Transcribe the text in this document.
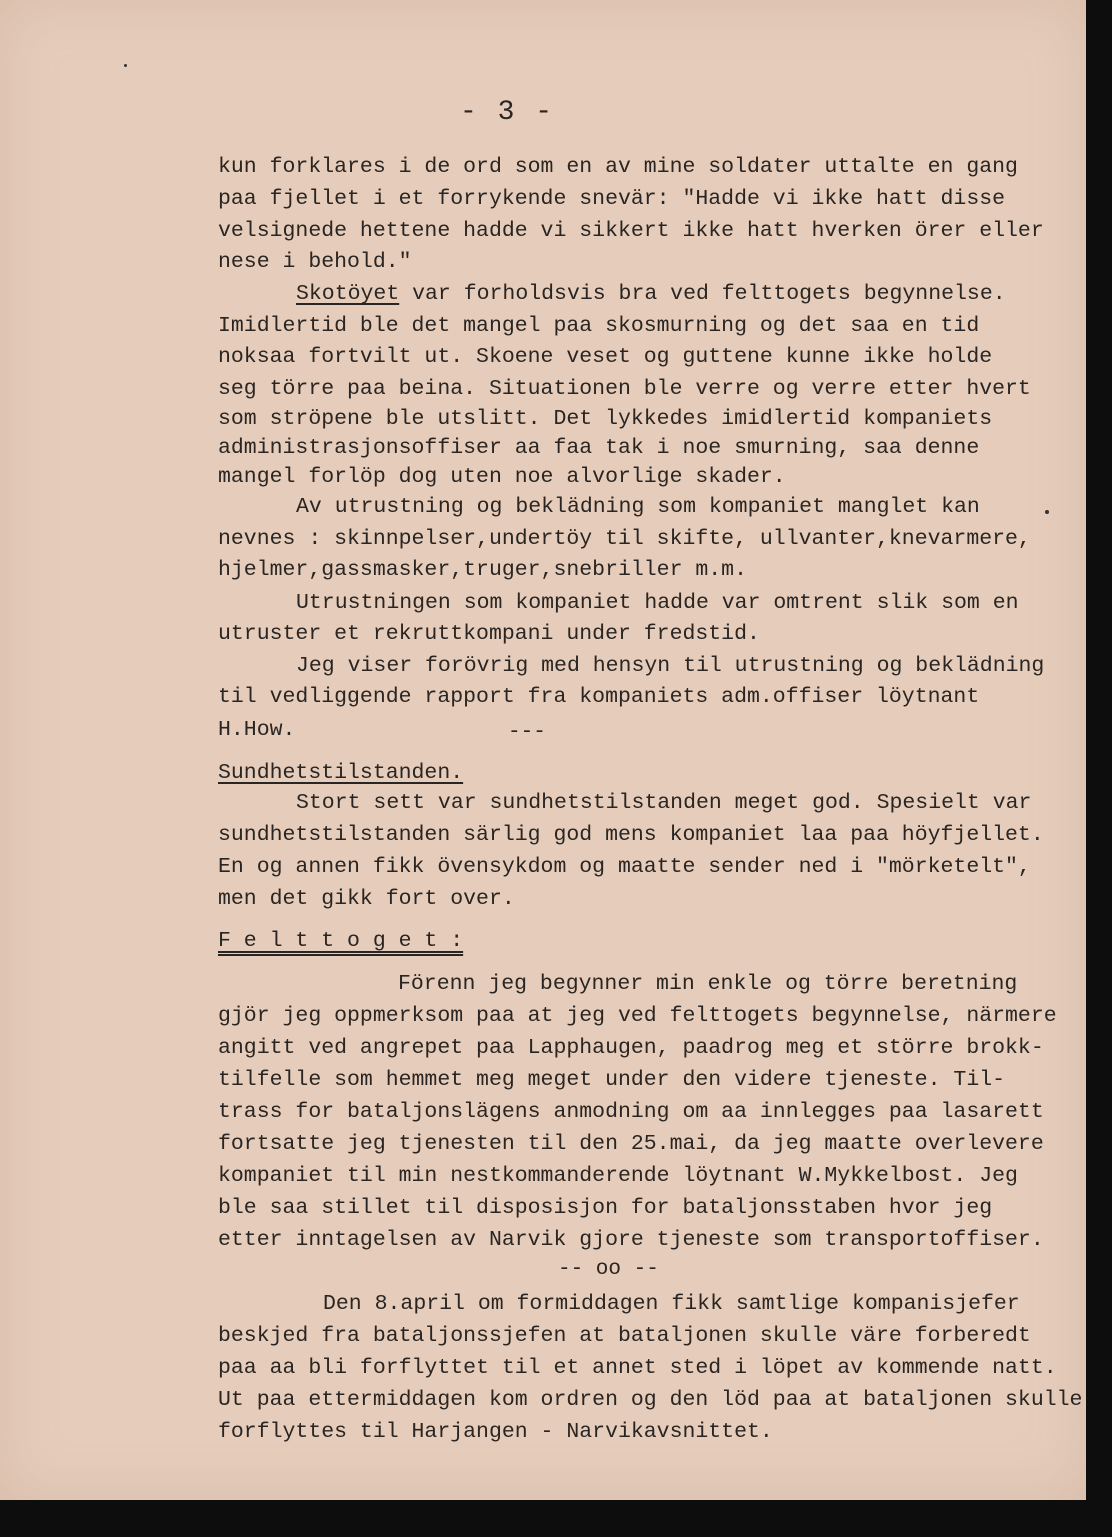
- 3 -
kun forklares i de ord som en av mine soldater uttalte en gang
paa fjellet i et forrykende snevär: "Hadde vi ikke hatt disse
velsignede hettene hadde vi sikkert ikke hatt hverken örer eller
nese i behold."
Skotöyet var forholdsvis bra ved felttogets begynnelse.
Imidlertid ble det mangel paa skosmurning og det saa en tid
noksaa fortvilt ut. Skoene veset og guttene kunne ikke holde
seg törre paa beina. Situationen ble verre og verre etter hvert
som ströpene ble utslitt. Det lykkedes imidlertid kompaniets
administrasjonsoffiser aa faa tak i noe smurning, saa denne
mangel forlöp dog uten noe alvorlige skader.
Av utrustning og beklädning som kompaniet manglet kan
nevnes : skinnpelser,undertöy til skifte, ullvanter,knevarmere,
hjelmer,gassmasker,truger,snebriller m.m.
Utrustningen som kompaniet hadde var omtrent slik som en
utruster et rekruttkompani under fredstid.
Jeg viser forövrig med hensyn til utrustning og beklädning
til vedliggende rapport fra kompaniets adm.offiser löytnant
H.How.	---
Sundhetstilstanden.
Stort sett var sundhetstilstanden meget god. Spesielt var
sundhetstilstanden särlig god mens kompaniet laa paa höyfjellet.
En og annen fikk övensykdom og maatte sender ned i "mörketelt",
men det gikk fort over.
F e l t t o g e t :
Förenn jeg begynner min enkle og törre beretning
gjör jeg oppmerksom paa at jeg ved felttogets begynnelse, närmere
angitt ved angrepet paa Lapphaugen, paadrog meg et större brokk-
tilfelle som hemmet meg meget under den videre tjeneste. Til-
trass for bataljonslägens anmodning om aa innlegges paa lasarett
fortsatte jeg tjenesten til den 25.mai, da jeg maatte overlevere
kompaniet til min nestkommanderende löytnant W.Mykkelbost. Jeg
ble saa stillet til disposisjon for bataljonsstaben hvor jeg
etter inntagelsen av Narvik gjore tjeneste som transportoffiser.
-- oo --
Den 8.april om formiddagen fikk samtlige kompanisjefer
beskjed fra bataljonssjefen at bataljonen skulle väre forberedt
paa aa bli forflyttet til et annet sted i löpet av kommende natt.
Ut paa ettermiddagen kom ordren og den löd paa at bataljonen skulle
forflyttes til Harjangen - Narvikavsnittet.
